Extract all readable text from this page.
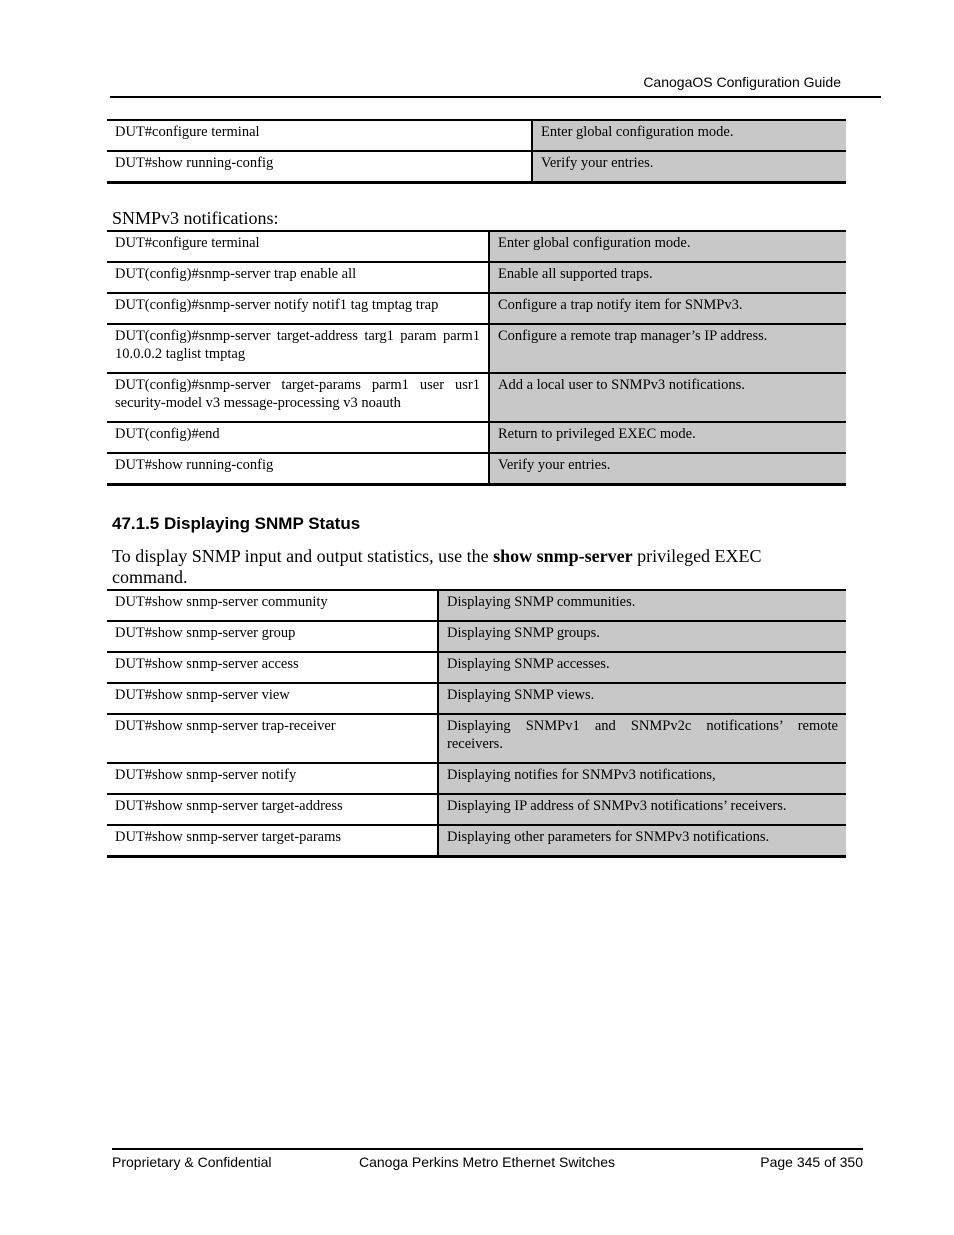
CanogaOS Configuration Guide
DUT#configure terminal	Enter global configuration mode.
DUT#show running-config	Verify your entries.
SNMPv3 notifications:
DUT#configure terminal	Enter global configuration mode.
DUT(config)#snmp-server trap enable all	Enable all supported traps.
DUT(config)#snmp-server notify notif1 tag tmptag trap	Configure a trap notify item for SNMPv3.
DUT(config)#snmp-server target-address targ1 param parm1 10.0.0.2 taglist tmptag	Configure a remote trap manager’s IP address.
DUT(config)#snmp-server target-params parm1 user usr1 security-model v3 message-processing v3 noauth	Add a local user to SNMPv3 notifications.
DUT(config)#end	Return to privileged EXEC mode.
DUT#show running-config	Verify your entries.
47.1.5 Displaying SNMP Status
To display SNMP input and output statistics, use the show snmp-server privileged EXEC command.
DUT#show snmp-server community	Displaying SNMP communities.
DUT#show snmp-server group	Displaying SNMP groups.
DUT#show snmp-server access	Displaying SNMP accesses.
DUT#show snmp-server view	Displaying SNMP views.
DUT#show snmp-server trap-receiver	Displaying SNMPv1 and SNMPv2c notifications’ remote receivers.
DUT#show snmp-server notify	Displaying notifies for SNMPv3 notifications,
DUT#show snmp-server target-address	Displaying IP address of SNMPv3 notifications’ receivers.
DUT#show snmp-server target-params	Displaying other parameters for SNMPv3 notifications.
Proprietary & Confidential	Canoga Perkins Metro Ethernet Switches	Page 345 of 350
